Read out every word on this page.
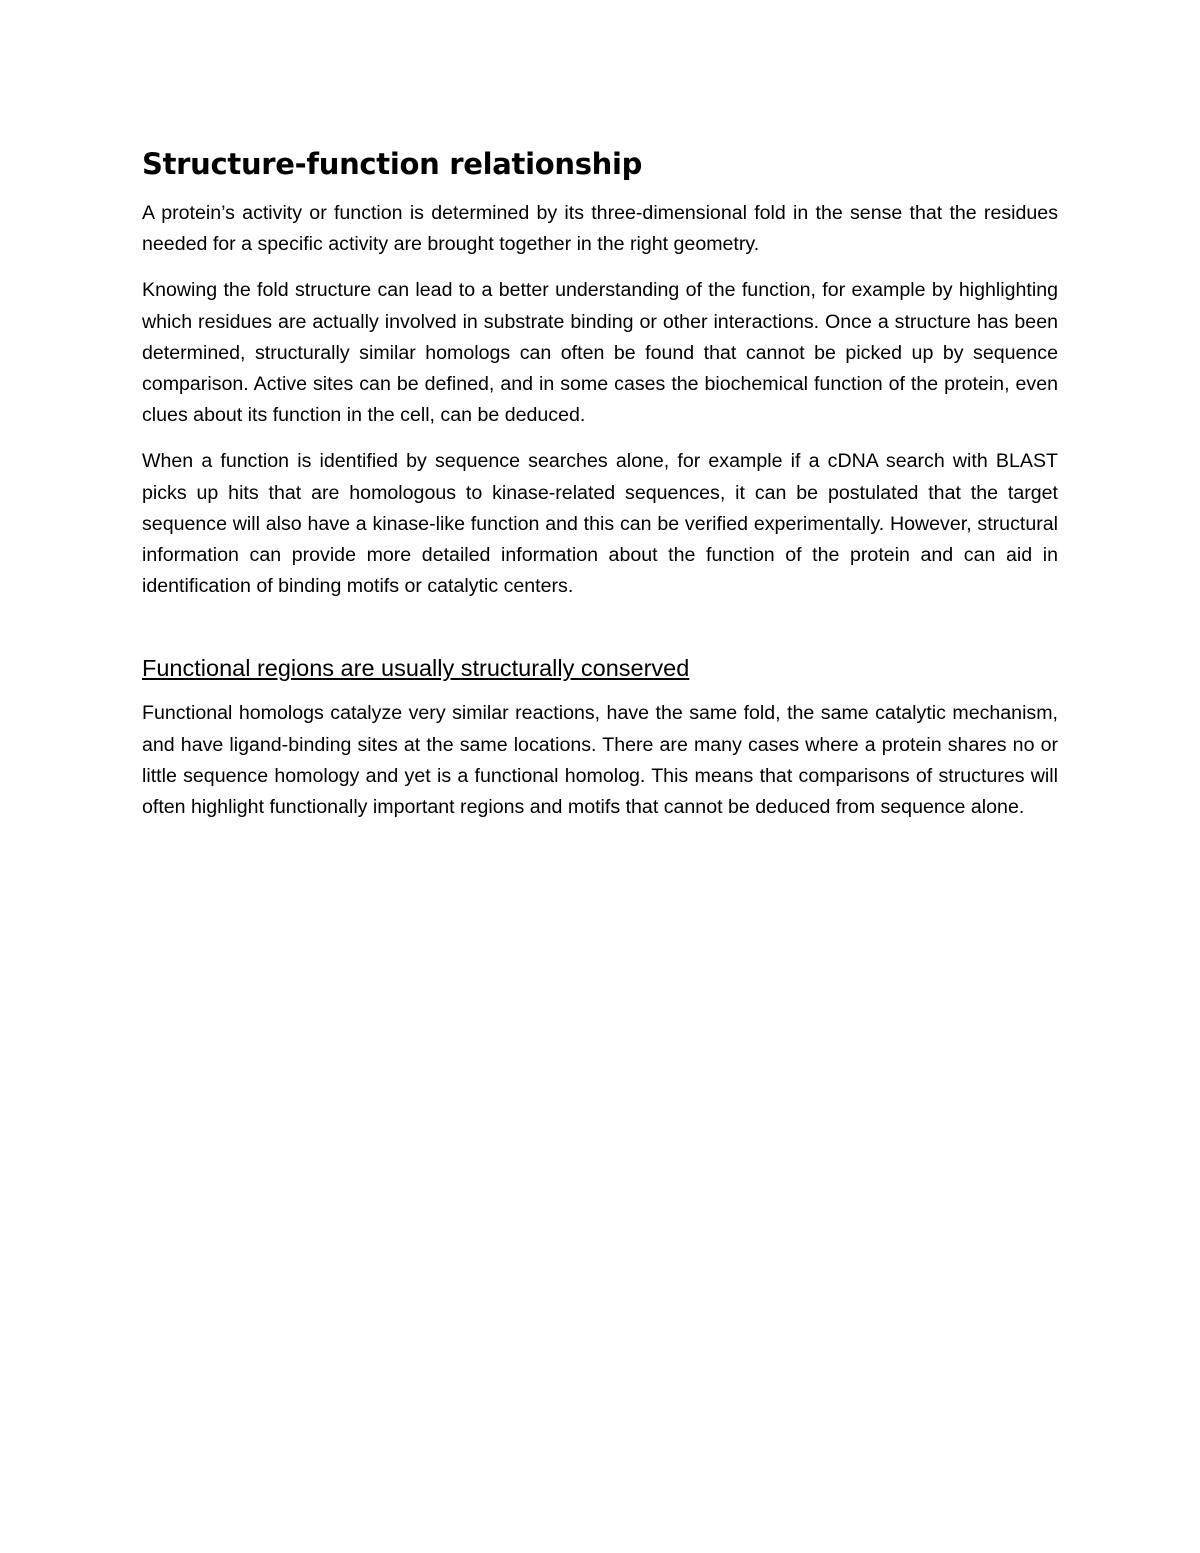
Structure-function relationship

A protein’s activity or function is determined by its three-dimensional fold in the sense that the residues needed for a specific activity are brought together in the right geometry.

Knowing the fold structure can lead to a better understanding of the function, for example by highlighting which residues are actually involved in substrate binding or other interactions. Once a structure has been determined, structurally similar homologs can often be found that cannot be picked up by sequence comparison. Active sites can be defined, and in some cases the biochemical function of the protein, even clues about its function in the cell, can be deduced.

When a function is identified by sequence searches alone, for example if a cDNA search with BLAST picks up hits that are homologous to kinase-related sequences, it can be postulated that the target sequence will also have a kinase-like function and this can be verified experimentally. However, structural information can provide more detailed information about the function of the protein and can aid in identification of binding motifs or catalytic centers.

Functional regions are usually structurally conserved

Functional homologs catalyze very similar reactions, have the same fold, the same catalytic mechanism, and have ligand-binding sites at the same locations. There are many cases where a protein shares no or little sequence homology and yet is a functional homolog. This means that comparisons of structures will often highlight functionally important regions and motifs that cannot be deduced from sequence alone.
